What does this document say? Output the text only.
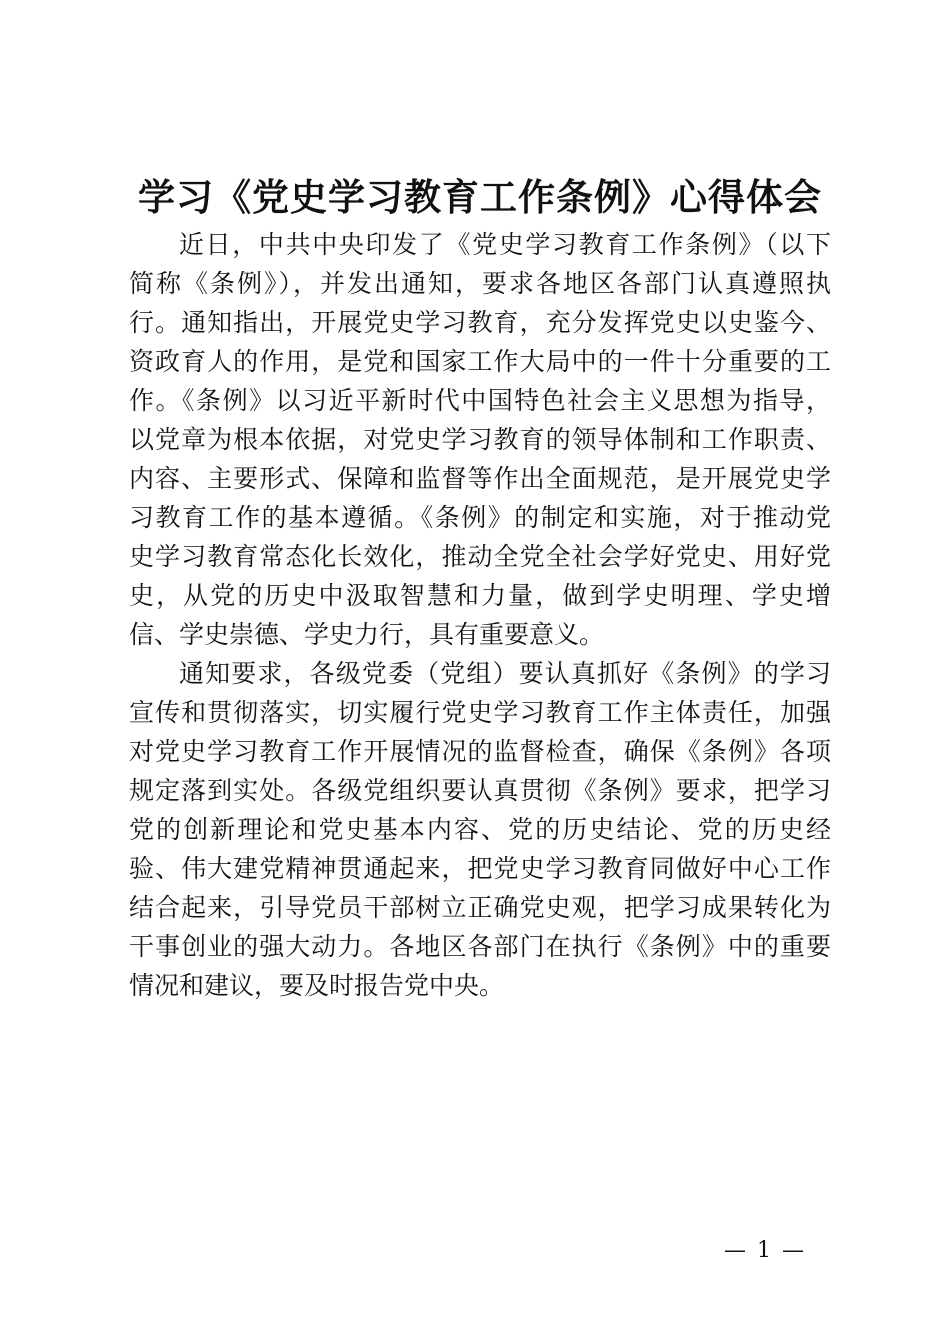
学习《党史学习教育工作条例》心得体会
近日，中共中央印发了《党史学习教育工作条例》（以下
简称《条例》），并发出通知，要求各地区各部门认真遵照执
行。通知指出，开展党史学习教育，充分发挥党史以史鉴今、
资政育人的作用，是党和国家工作大局中的一件十分重要的工
作。《条例》以习近平新时代中国特色社会主义思想为指导，
以党章为根本依据，对党史学习教育的领导体制和工作职责、
内容、主要形式、保障和监督等作出全面规范，是开展党史学
习教育工作的基本遵循。《条例》的制定和实施，对于推动党
史学习教育常态化长效化，推动全党全社会学好党史、用好党
史，从党的历史中汲取智慧和力量，做到学史明理、学史增
信、学史崇德、学史力行，具有重要意义。
通知要求，各级党委（党组）要认真抓好《条例》的学习
宣传和贯彻落实，切实履行党史学习教育工作主体责任，加强
对党史学习教育工作开展情况的监督检查，确保《条例》各项
规定落到实处。各级党组织要认真贯彻《条例》要求，把学习
党的创新理论和党史基本内容、党的历史结论、党的历史经
验、伟大建党精神贯通起来，把党史学习教育同做好中心工作
结合起来，引导党员干部树立正确党史观，把学习成果转化为
干事创业的强大动力。各地区各部门在执行《条例》中的重要
情况和建议，要及时报告党中央。
— 1 —
